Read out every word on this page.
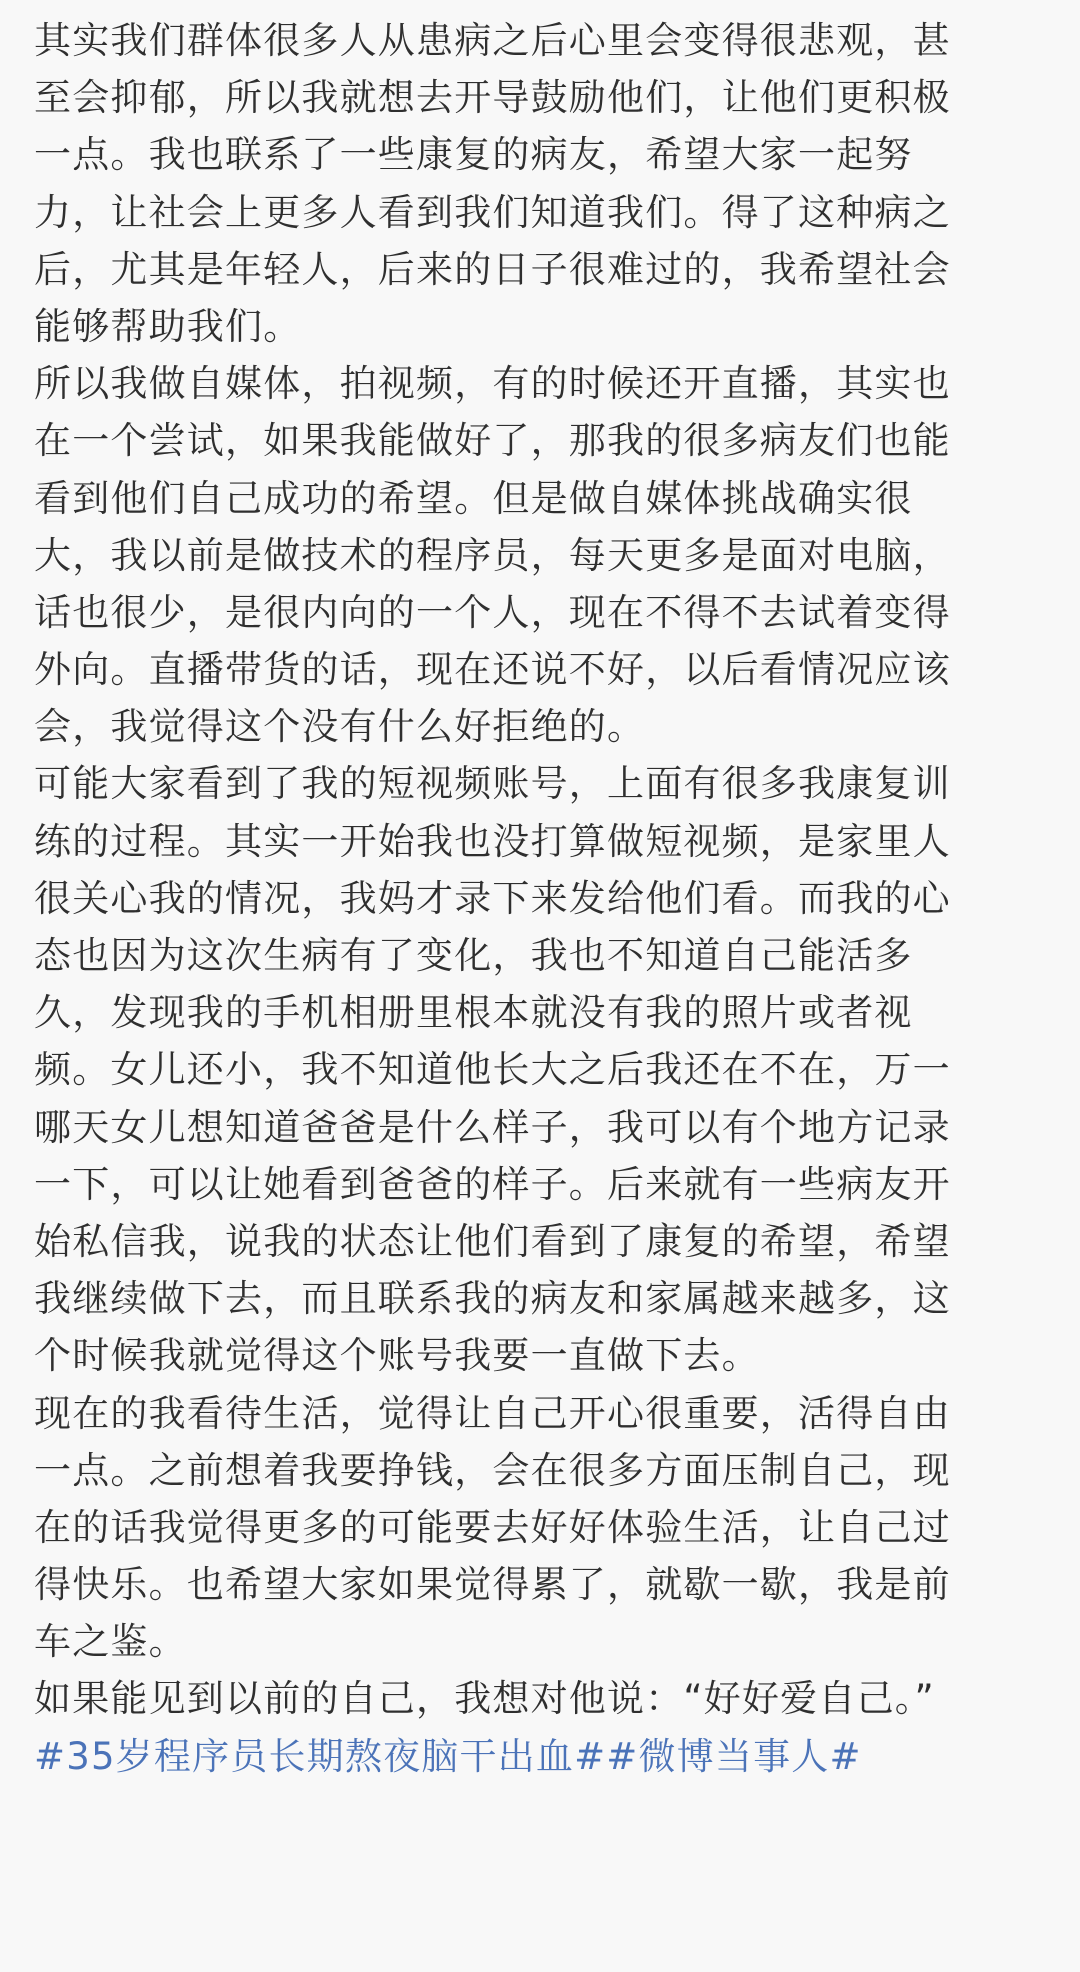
其实我们群体很多人从患病之后心里会变得很悲观，甚
至会抑郁，所以我就想去开导鼓励他们，让他们更积极
一点。我也联系了一些康复的病友，希望大家一起努
力，让社会上更多人看到我们知道我们。得了这种病之
后，尤其是年轻人，后来的日子很难过的，我希望社会
能够帮助我们。
所以我做自媒体，拍视频，有的时候还开直播，其实也
在一个尝试，如果我能做好了，那我的很多病友们也能
看到他们自己成功的希望。但是做自媒体挑战确实很
大，我以前是做技术的程序员，每天更多是面对电脑，
话也很少，是很内向的一个人，现在不得不去试着变得
外向。直播带货的话，现在还说不好，以后看情况应该
会，我觉得这个没有什么好拒绝的。
可能大家看到了我的短视频账号，上面有很多我康复训
练的过程。其实一开始我也没打算做短视频，是家里人
很关心我的情况，我妈才录下来发给他们看。而我的心
态也因为这次生病有了变化，我也不知道自己能活多
久，发现我的手机相册里根本就没有我的照片或者视
频。女儿还小，我不知道他长大之后我还在不在，万一
哪天女儿想知道爸爸是什么样子，我可以有个地方记录
一下，可以让她看到爸爸的样子。后来就有一些病友开
始私信我，说我的状态让他们看到了康复的希望，希望
我继续做下去，而且联系我的病友和家属越来越多，这
个时候我就觉得这个账号我要一直做下去。
现在的我看待生活，觉得让自己开心很重要，活得自由
一点。之前想着我要挣钱，会在很多方面压制自己，现
在的话我觉得更多的可能要去好好体验生活，让自己过
得快乐。也希望大家如果觉得累了，就歇一歇，我是前
车之鉴。
如果能见到以前的自己，我想对他说：“好好爱自己。”
#35岁程序员长期熬夜脑干出血##微博当事人#
